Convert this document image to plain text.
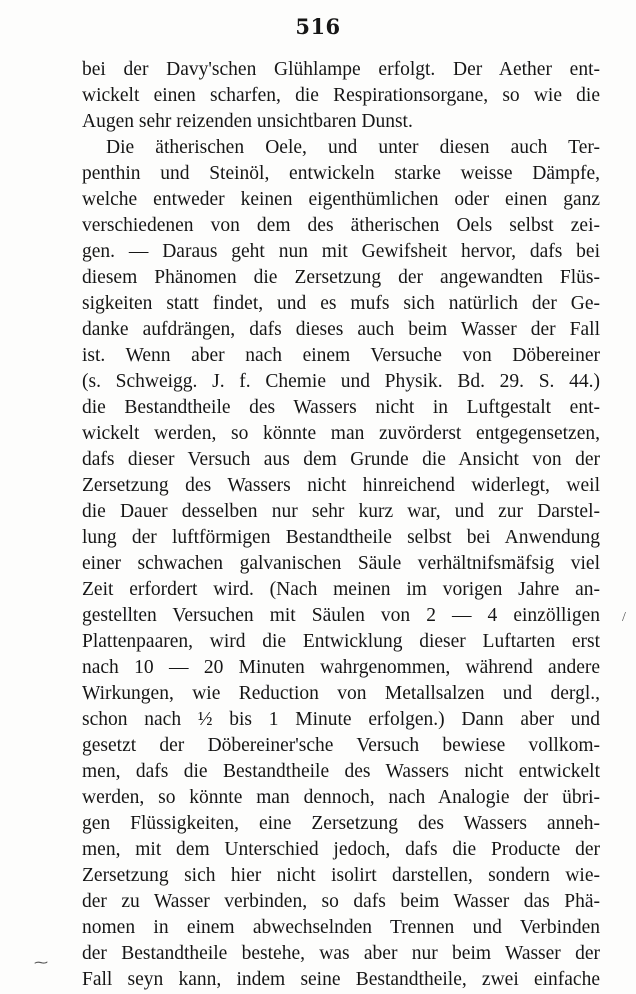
516
bei der Davy'schen Glühlampe erfolgt. Der Aether ent-
wickelt einen scharfen, die Respirationsorgane, so wie die
Augen sehr reizenden unsichtbaren Dunst.
Die ätherischen Oele, und unter diesen auch Ter-
penthin und Steinöl, entwickeln starke weisse Dämpfe,
welche entweder keinen eigenthümlichen oder einen ganz
verschiedenen von dem des ätherischen Oels selbst zei-
gen. — Daraus geht nun mit Gewifsheit hervor, dafs bei
diesem Phänomen die Zersetzung der angewandten Flüs-
sigkeiten statt findet, und es mufs sich natürlich der Ge-
danke aufdrängen, dafs dieses auch beim Wasser der Fall
ist. Wenn aber nach einem Versuche von Döbereiner
(s. Schweigg. J. f. Chemie und Physik. Bd. 29. S. 44.)
die Bestandtheile des Wassers nicht in Luftgestalt ent-
wickelt werden, so könnte man zuvörderst entgegensetzen,
dafs dieser Versuch aus dem Grunde die Ansicht von der
Zersetzung des Wassers nicht hinreichend widerlegt, weil
die Dauer desselben nur sehr kurz war, und zur Darstel-
lung der luftförmigen Bestandtheile selbst bei Anwendung
einer schwachen galvanischen Säule verhältnifsmäfsig viel
Zeit erfordert wird. (Nach meinen im vorigen Jahre an-
gestellten Versuchen mit Säulen von 2 — 4 einzölligen
Plattenpaaren, wird die Entwicklung dieser Luftarten erst
nach 10 — 20 Minuten wahrgenommen, während andere
Wirkungen, wie Reduction von Metallsalzen und dergl.,
schon nach ½ bis 1 Minute erfolgen.) Dann aber und
gesetzt der Döbereiner'sche Versuch bewiese vollkom-
men, dafs die Bestandtheile des Wassers nicht entwickelt
werden, so könnte man dennoch, nach Analogie der übri-
gen Flüssigkeiten, eine Zersetzung des Wassers anneh-
men, mit dem Unterschied jedoch, dafs die Producte der
Zersetzung sich hier nicht isolirt darstellen, sondern wie-
der zu Wasser verbinden, so dafs beim Wasser das Phä-
nomen in einem abwechselnden Trennen und Verbinden
der Bestandtheile bestehe, was aber nur beim Wasser der
Fall seyn kann, indem seine Bestandtheile, zwei einfache
⁓
/
